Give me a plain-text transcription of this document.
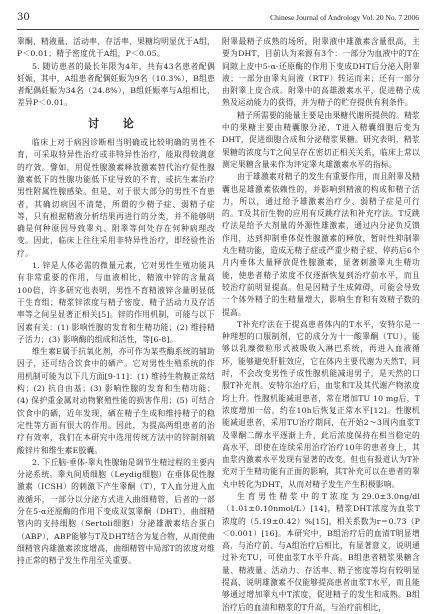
30	Chinese Journal of Andrology Vol. 20 No. 7 2006

睾酮、精液量、活动率、存活率、果糖均明显优于A组，P＜0.01；精子密度优于A组，P＜0.05。

5. 随访患者的最长年限为4年，共有43名患者配偶妊娠，其中，A组患者配偶妊娠为9名（10.3%），B组患者配偶妊娠为34名（24.8%），B组妊娠率与A组相比，差异P＜0.01。

讨 论

临床上对于病因诊断相当明确或比较明确的男性不育，可采取特异性治疗或非特异性治疗，能取得较满意的疗效。譬如，用促性腺激素释放激素替代治疗促性腺激素低下的性腺功能低下症导致的不育，或抗生素治疗男性附属性腺感染。但是，对于很大部分的男性不育患者，其确切病因不清楚，所谓的少精子症、弱精子症等，只有根据精液分析结果再进行的分类，并不能够明确是何种原因导致睾丸、附睾等何处存在何种病理改变。因此，临床上往往采用非特异性治疗，即经验性治疗。

1. 锌是人体必需的微量元素，它对男性生殖功能具有非常重要的作用，与血液相比，精液中锌的含量高100倍，许多研究也表明，男性不育精液锌含量明显低于生育组；精浆锌浓度与精子密度、精子活动力及存活率等之间呈显著正相关[5]。锌的作用机制，可能与以下因素有关：(1) 影响性腺的发育和生精功能；(2) 维持精子活力；(3) 影响酶的组成和活性，等[6-8]。

维生素E属于抗氧化剂，亦可作为某些酶系统的辅助因子，还可结合饮食中的硒产。它对男性生殖系统的作用机制可能为以下几方面[9-11]：(1) 维持生物膜正常结构；(2) 抗自由基；(3) 影响性腺的发育和生精功能；(4) 保护重金属对动物繁殖性能的损害作用；(5) 可结合饮食中的硒，近年发现，硒在精子生成和维持精子的稳定性等方面有很大的作用。因此，为提高两组患者的治疗有效率，我们在本研究中选用传统方法中的锌制剂硫酸锌片和维生素E胶囊。

2. 下丘脑-垂体-睾丸性腺轴是调节生精过程的主要内分泌系统。睾丸间质细胞（Leydig细胞）在垂体促性腺激素（ICSH）的刺激下产生睾酮（T），T入血分进入血液循环，一部分以分泌方式进入曲细精管，后者的一部分在5-α还原酶的作用下变成双氢睾酮（DHT），曲细精管内的支持细胞（Sertoli细胞）分泌雄激素结合蛋白（ABP），ABP能够与T及DHT结合为复合物，从而使曲细精管内雄激素浓度增高，曲细精管中局部T的浓度对维持正常的精子发生作用至关重要。

附睾最精子成熟的场所，附睾液中雄激素含量很高，主要为DHT，目前认为来源有3个：一部分为血液中的T在间隙上皮中5-α-还原酶的作用下变成DHT后分泌入附睾液；一部分由睾丸间液（RTF）转运而来；还有一部分由附睾上皮合成。附睾中的高雄激素水平，促进精子成熟及运动能力的获得，并为精子的贮存提供有利条件。

精子所需要的能量主要是由果糖代谢所提供的。精浆中的果糖主要由精囊腺分泌，T进入精囊细胞后变为DHT，促进细胞合成和分泌精浆果糖。研究表明，精浆果糖的浓度与T之间呈存在密切正相关关系，临床上常以测定果糖含量来作为评定睾丸雄激素水平的指标。

由于雄激素对精子的发生有重要作用，而且附睾及精囊也是雄激素依赖性的，并影响到精液的构成和精子活力，所以，通过给予雄激素治疗少、弱精子症是可行的。T及其衍生物的应用有反跳疗法和补充疗法。T反跳疗法是给予大剂量的外源性雄激素，通过内分泌负反馈作用，达到抑制垂体促性腺激素的释放，暂时性抑制睾丸生精功能，造成无精子症或严重少精子症，停药后6个月内垂体大量释放促性腺激素，显著刺激睾丸生精功能，使患者精子浓度不仅逐渐恢复到治疗前水平，而且较治疗前明显提高。但是因精子生成障碍，可能会导致一个体外精子的生精量增大，影响生育和有效精子数的提高。

T补充疗法在于提高患者体内的T水平，安特尔是一种理想的口服制剂，它的成分为十一酸睾酮（TU），能够以乳糜微粒形式被吸收入淋巴系统，再进入血液循环，能够避免肝脏效应，它在体内主要代谢为天然T，同时，不会改变男性子成性腺机能减退男子，是天然的口服T补充剂。安特尔治疗后，血浆和T及其代谢产物浓度均上升。性腺机能减退患者，常在增加TU 10 mg后，T浓度增加一倍，约在10h后恢复正常水平[12]。性腺机能减退患者，采用TU治疗期间，在开始2～3周内血浆T及睾酮二醇水平逐渐上升，此后浓度保持在相当稳定的高水平，即使在连续采用治疗治疗10年的患者身上，其血浆内激素水平发现有显著的改变。但也有报道认为T补充对于生精功能有正面的影响，其T补充可以在患者的睾丸中转化为DHT，从而对精子发生产生积极影响。

生育男性精浆中的T浓度为29.0±3.0ng/dl（1.01±0.10nmol/L）[14]，精浆DHT浓度为血浆T浓度的（5.19±0.42）%[15]，相关系数为r＝0.73（P＜0.001）[16]。本研究中，B组治疗后的血清T明显增高，与治疗前、与A组治疗后相比，有显著意义，说明通过补充TU，可使血浆T水平升高。B组患者精浆果糖含量、精液量、活动力、存活率、精子密度等均有较明显提高，说明雄激素不仅能够提高患者血浆T水平，而且能够通过增加睾丸中T浓度，促进精子的发生和成熟。B组治疗后的血清和精浆的T升高，与治疗前相比，
